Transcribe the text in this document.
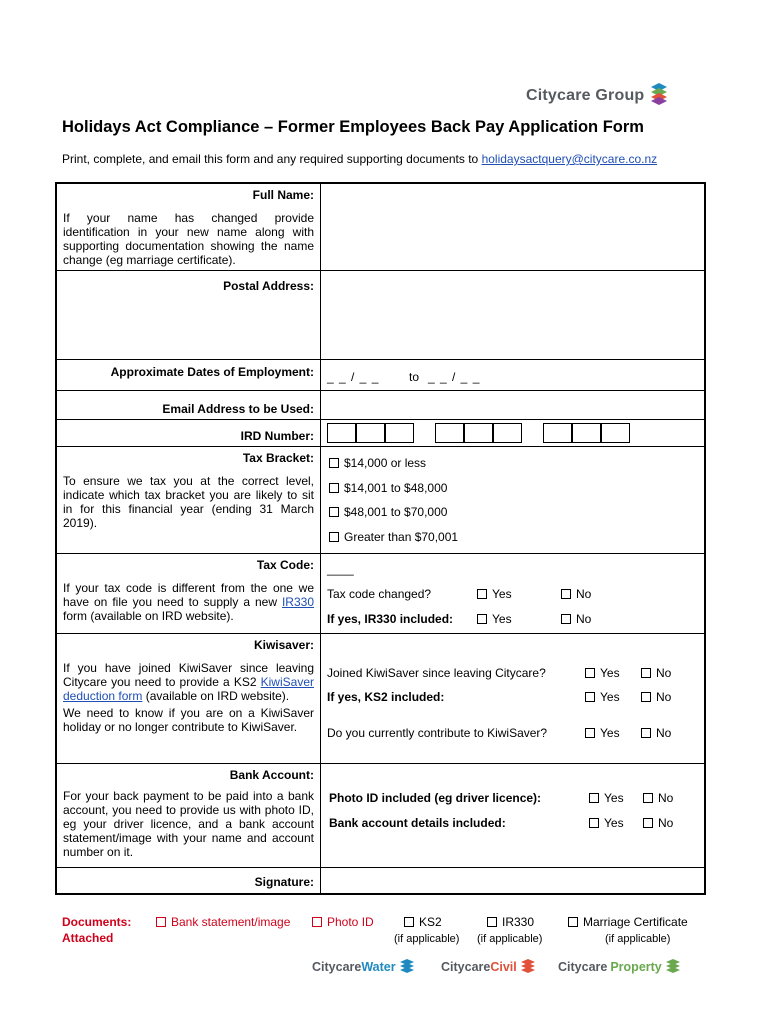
Citycare Group
Holidays Act Compliance – Former Employees Back Pay Application Form
Print, complete, and email this form and any required supporting documents to holidaysactquery@citycare.co.nz
Full Name:
If your name has changed provide identification in your new name along with supporting documentation showing the name change (eg marriage certificate).
Postal Address:
Approximate Dates of Employment: _ _ / _ _ to _ _ / _ _
Email Address to be Used:
IRD Number:
Tax Bracket:
To ensure we tax you at the correct level, indicate which tax bracket you are likely to sit in for this financial year (ending 31 March 2019).
$14,000 or less
$14,001 to $48,000
$48,001 to $70,000
Greater than $70,001
Tax Code:
If your tax code is different from the one we have on file you need to supply a new IR330 form (available on IRD website).
____
Tax code changed?	Yes	No
If yes, IR330 included:	Yes	No
Kiwisaver:
If you have joined KiwiSaver since leaving Citycare you need to provide a KS2 KiwiSaver deduction form (available on IRD website).
We need to know if you are on a KiwiSaver holiday or no longer contribute to KiwiSaver.
Joined KiwiSaver since leaving Citycare?	Yes	No
If yes, KS2 included:	Yes	No
Do you currently contribute to KiwiSaver?	Yes	No
Bank Account:
For your back payment to be paid into a bank account, you need to provide us with photo ID, eg your driver licence, and a bank account statement/image with your name and account number on it.
Photo ID included (eg driver licence):	Yes	No
Bank account details included:	Yes	No
Signature:
Documents:
Attached
Bank statement/image	Photo ID	KS2
(if applicable)
IR330
(if applicable)
Marriage Certificate
(if applicable)
Citycare Water	Citycare Civil	Citycare Property
